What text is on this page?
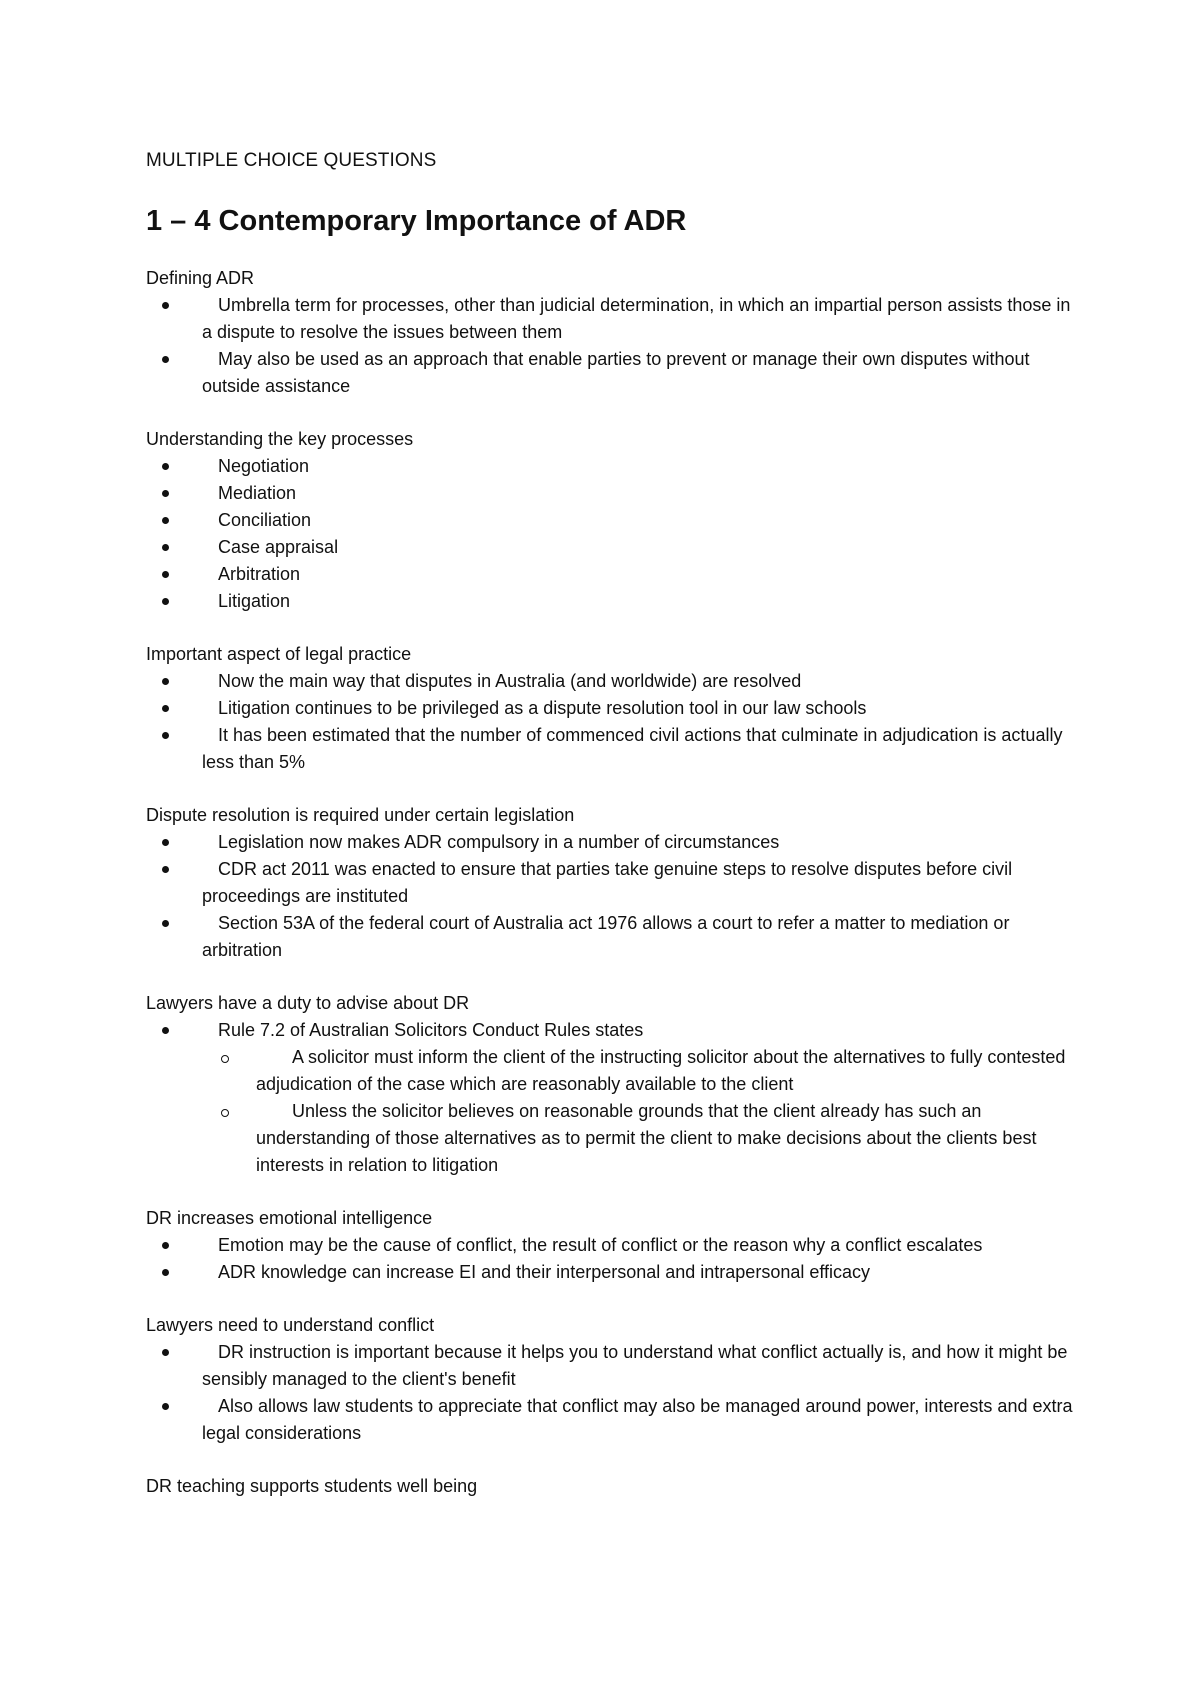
MULTIPLE CHOICE QUESTIONS
1 – 4 Contemporary Importance of ADR
Defining ADR
Umbrella term for processes, other than judicial determination, in which an impartial person assists those in a dispute to resolve the issues between them
May also be used as an approach that enable parties to prevent or manage their own disputes without outside assistance
Understanding the key processes
Negotiation
Mediation
Conciliation
Case appraisal
Arbitration
Litigation
Important aspect of legal practice
Now the main way that disputes in Australia (and worldwide) are resolved
Litigation continues to be privileged as a dispute resolution tool in our law schools
It has been estimated that the number of commenced civil actions that culminate in adjudication is actually less than 5%
Dispute resolution is required under certain legislation
Legislation now makes ADR compulsory in a number of circumstances
CDR act 2011 was enacted to ensure that parties take genuine steps to resolve disputes before civil proceedings are instituted
Section 53A of the federal court of Australia act 1976 allows a court to refer a matter to mediation or arbitration
Lawyers have a duty to advise about DR
Rule 7.2 of Australian Solicitors Conduct Rules states
A solicitor must inform the client of the instructing solicitor about the alternatives to fully contested adjudication of the case which are reasonably available to the client
Unless the solicitor believes on reasonable grounds that the client already has such an understanding of those alternatives as to permit the client to make decisions about the clients best interests in relation to litigation
DR increases emotional intelligence
Emotion may be the cause of conflict, the result of conflict or the reason why a conflict escalates
ADR knowledge can increase EI and their interpersonal and intrapersonal efficacy
Lawyers need to understand conflict
DR instruction is important because it helps you to understand what conflict actually is, and how it might be sensibly managed to the client's benefit
Also allows law students to appreciate that conflict may also be managed around power, interests and extra legal considerations
DR teaching supports students well being
